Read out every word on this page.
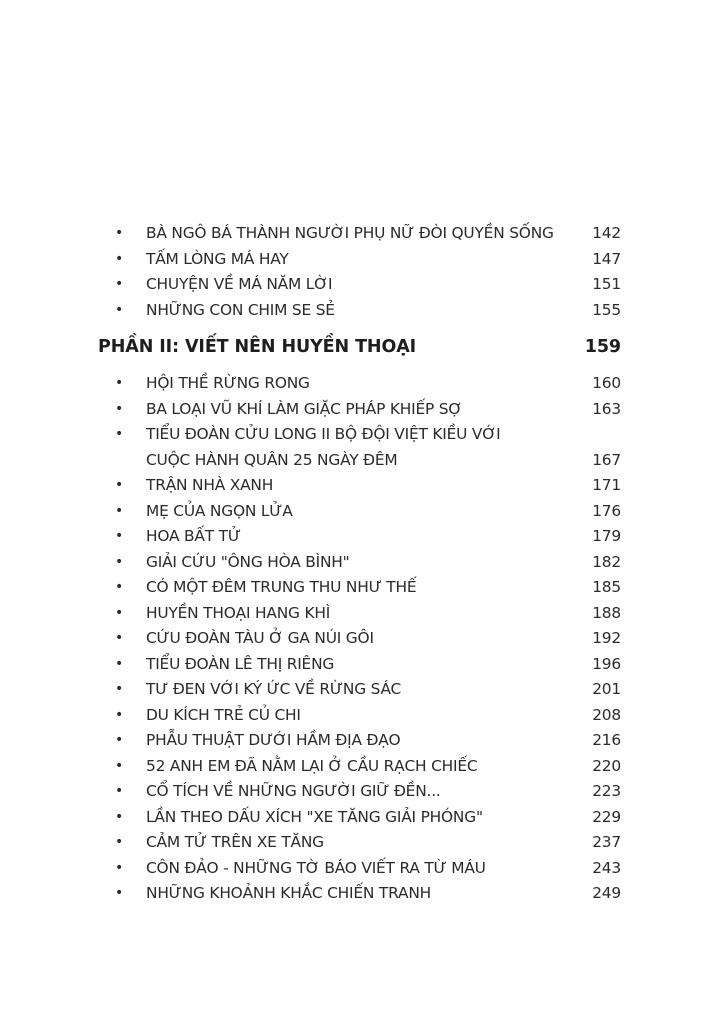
• BÀ NGÔ BÁ THÀNH NGƯỜI PHỤ NỮ ĐÒI QUYỀN SỐNG 142
• TẤM LÒNG MÁ HAY	147
• CHUYỆN VỀ MÁ NĂM LỜI	151
• NHỮNG CON CHIM SE SẺ	155
PHẦN II: VIẾT NÊN HUYỀN THOẠI	159
• HỘI THỀ RỪNG RONG	160
• BA LOẠI VŨ KHÍ LÀM GIẶC PHÁP KHIẾP SỢ	163
• TIỂU ĐOÀN CỬU LONG II BỘ ĐỘI VIỆT KIỀU VỚI
CUỘC HÀNH QUÂN 25 NGÀY ĐÊM	167
• TRẬN NHÀ XANH	171
• MẸ CỦA NGỌN LỬA	176
• HOA BẤT TỬ	179
• GIẢI CỨU "ÔNG HÒA BÌNH"	182
• CÓ MỘT ĐÊM TRUNG THU NHƯ THẾ	185
• HUYỀN THOẠI HANG KHÌ	188
• CỨU ĐOÀN TÀU Ở GA NÚI GÔI	192
• TIỂU ĐOÀN LÊ THỊ RIÊNG	196
• TƯ ĐEN VỚI KÝ ỨC VỀ RỪNG SÁC	201
• DU KÍCH TRẺ CỦ CHI	208
• PHẪU THUẬT DƯỚI HẦM ĐỊA ĐẠO	216
• 52 ANH EM ĐÃ NẰM LẠI Ở CẦU RẠCH CHIẾC	220
• CỔ TÍCH VỀ NHỮNG NGƯỜI GIỮ ĐỀN...	223
• LẦN THEO DẤU XÍCH "XE TĂNG GIẢI PHÓNG"	229
• CẢM TỬ TRÊN XE TĂNG	237
• CÔN ĐẢO - NHỮNG TỜ BÁO VIẾT RA TỪ MÁU	243
• NHỮNG KHOẢNH KHẮC CHIẾN TRANH	249
